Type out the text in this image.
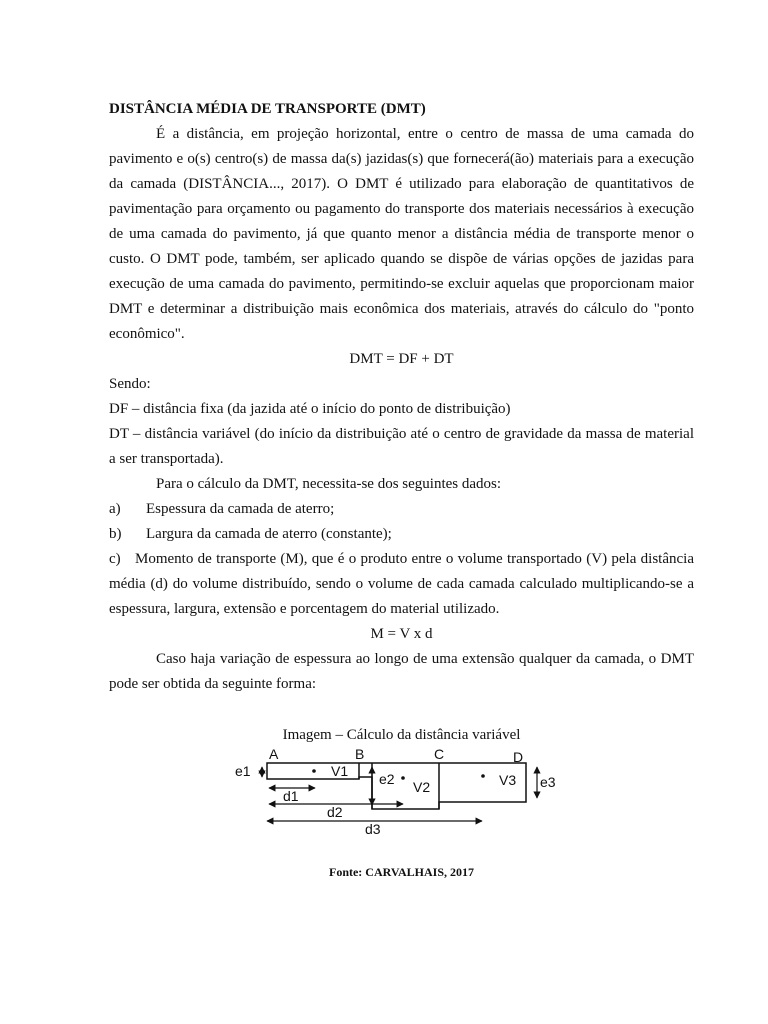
DISTÂNCIA MÉDIA DE TRANSPORTE (DMT)

É a distância, em projeção horizontal, entre o centro de massa de uma camada do pavimento e o(s) centro(s) de massa da(s) jazidas(s) que fornecerá(ão) materiais para a execução da camada (DISTÂNCIA..., 2017). O DMT é utilizado para elaboração de quantitativos de pavimentação para orçamento ou pagamento do transporte dos materiais necessários à execução de uma camada do pavimento, já que quanto menor a distância média de transporte menor o custo. O DMT pode, também, ser aplicado quando se dispõe de várias opções de jazidas para execução de uma camada do pavimento, permitindo-se excluir aquelas que proporcionam maior DMT e determinar a distribuição mais econômica dos materiais, através do cálculo do "ponto econômico".

DMT = DF + DT

Sendo:

DF – distância fixa (da jazida até o início do ponto de distribuição)

DT – distância variável (do início da distribuição até o centro de gravidade da massa de material a ser transportada).

Para o cálculo da DMT, necessita-se dos seguintes dados:

a) Espessura da camada de aterro;
b) Largura da camada de aterro (constante);
c) Momento de transporte (M), que é o produto entre o volume transportado (V) pela distância média (d) do volume distribuído, sendo o volume de cada camada calculado multiplicando-se a espessura, largura, extensão e porcentagem do material utilizado.

M = V x d

Caso haja variação de espessura ao longo de uma extensão qualquer da camada, o DMT pode ser obtida da seguinte forma:

Imagem – Cálculo da distância variável

A	B	C	D
e1	e2	e3
V1
V2	V3
d1
d2
d3

Fonte: CARVALHAIS, 2017
